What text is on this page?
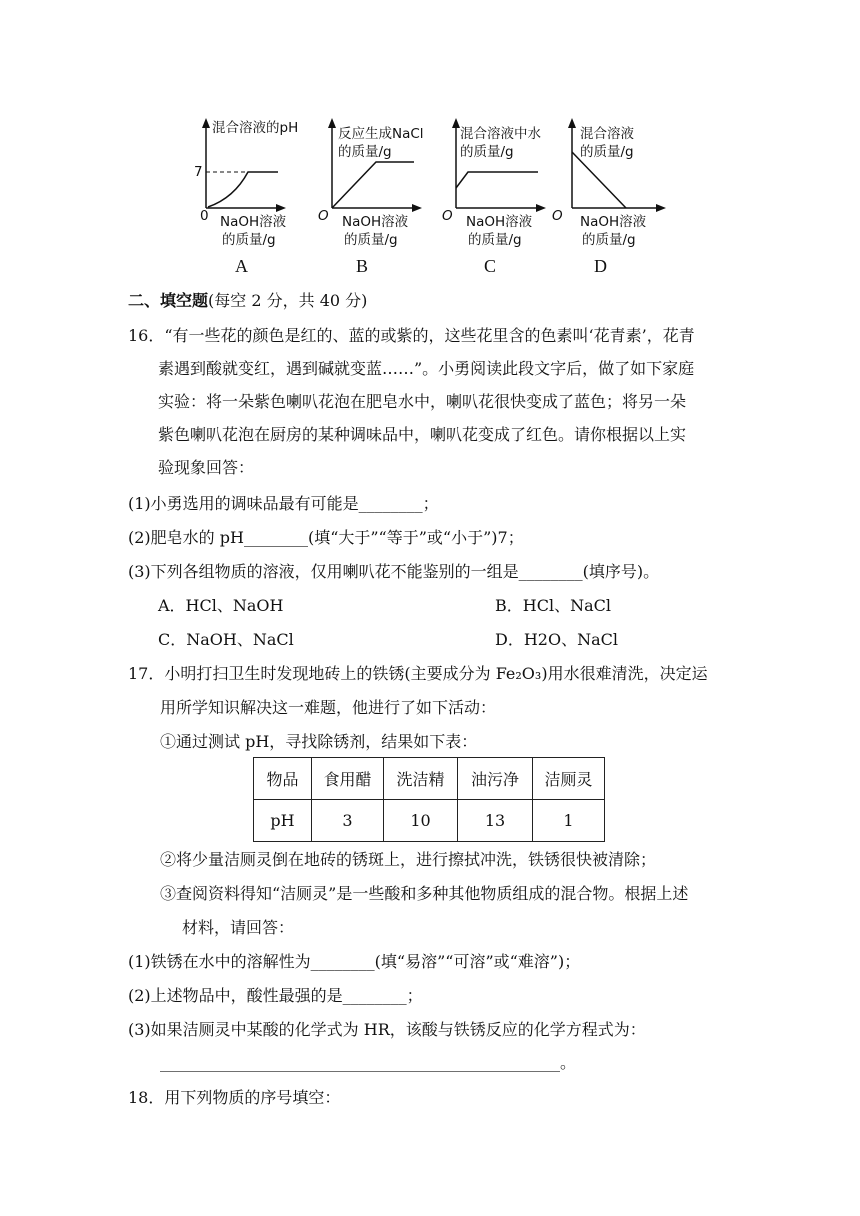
混合溶液的pH
7
0 NaOH溶液
的质量/g
A
反应生成NaCl
的质量/g
O NaOH溶液
的质量/g
B
混合溶液中水
的质量/g
O NaOH溶液
的质量/g
C
混合溶液
的质量/g
O NaOH溶液
的质量/g
D
二、填空题(每空 2 分，共 40 分)
16．“有一些花的颜色是红的、蓝的或紫的，这些花里含的色素叫‘花青素’，花青
素遇到酸就变红，遇到碱就变蓝……”。小勇阅读此段文字后，做了如下家庭
实验：将一朵紫色喇叭花泡在肥皂水中，喇叭花很快变成了蓝色；将另一朵
紫色喇叭花泡在厨房的某种调味品中，喇叭花变成了红色。请你根据以上实
验现象回答：
(1)小勇选用的调味品最有可能是________；
(2)肥皂水的 pH________(填“大于”“等于”或“小于”)7；
(3)下列各组物质的溶液，仅用喇叭花不能鉴别的一组是________(填序号)。
A．HCl、NaOH	B．HCl、NaCl
C．NaOH、NaCl	D．H2O、NaCl
17．小明打扫卫生时发现地砖上的铁锈(主要成分为 Fe₂O₃)用水很难清洗，决定运
用所学知识解决这一难题，他进行了如下活动：
①通过测试 pH，寻找除锈剂，结果如下表：
物品	食用醋	洗洁精	油污净	洁厕灵
pH	3	10	13	1
②将少量洁厕灵倒在地砖的锈斑上，进行擦拭冲洗，铁锈很快被清除；
③查阅资料得知“洁厕灵”是一些酸和多种其他物质组成的混合物。根据上述
材料，请回答：
(1)铁锈在水中的溶解性为________(填“易溶”“可溶”或“难溶”)；
(2)上述物品中，酸性最强的是________；
(3)如果洁厕灵中某酸的化学式为 HR，该酸与铁锈反应的化学方程式为：
__________________________________________________。
18．用下列物质的序号填空：
